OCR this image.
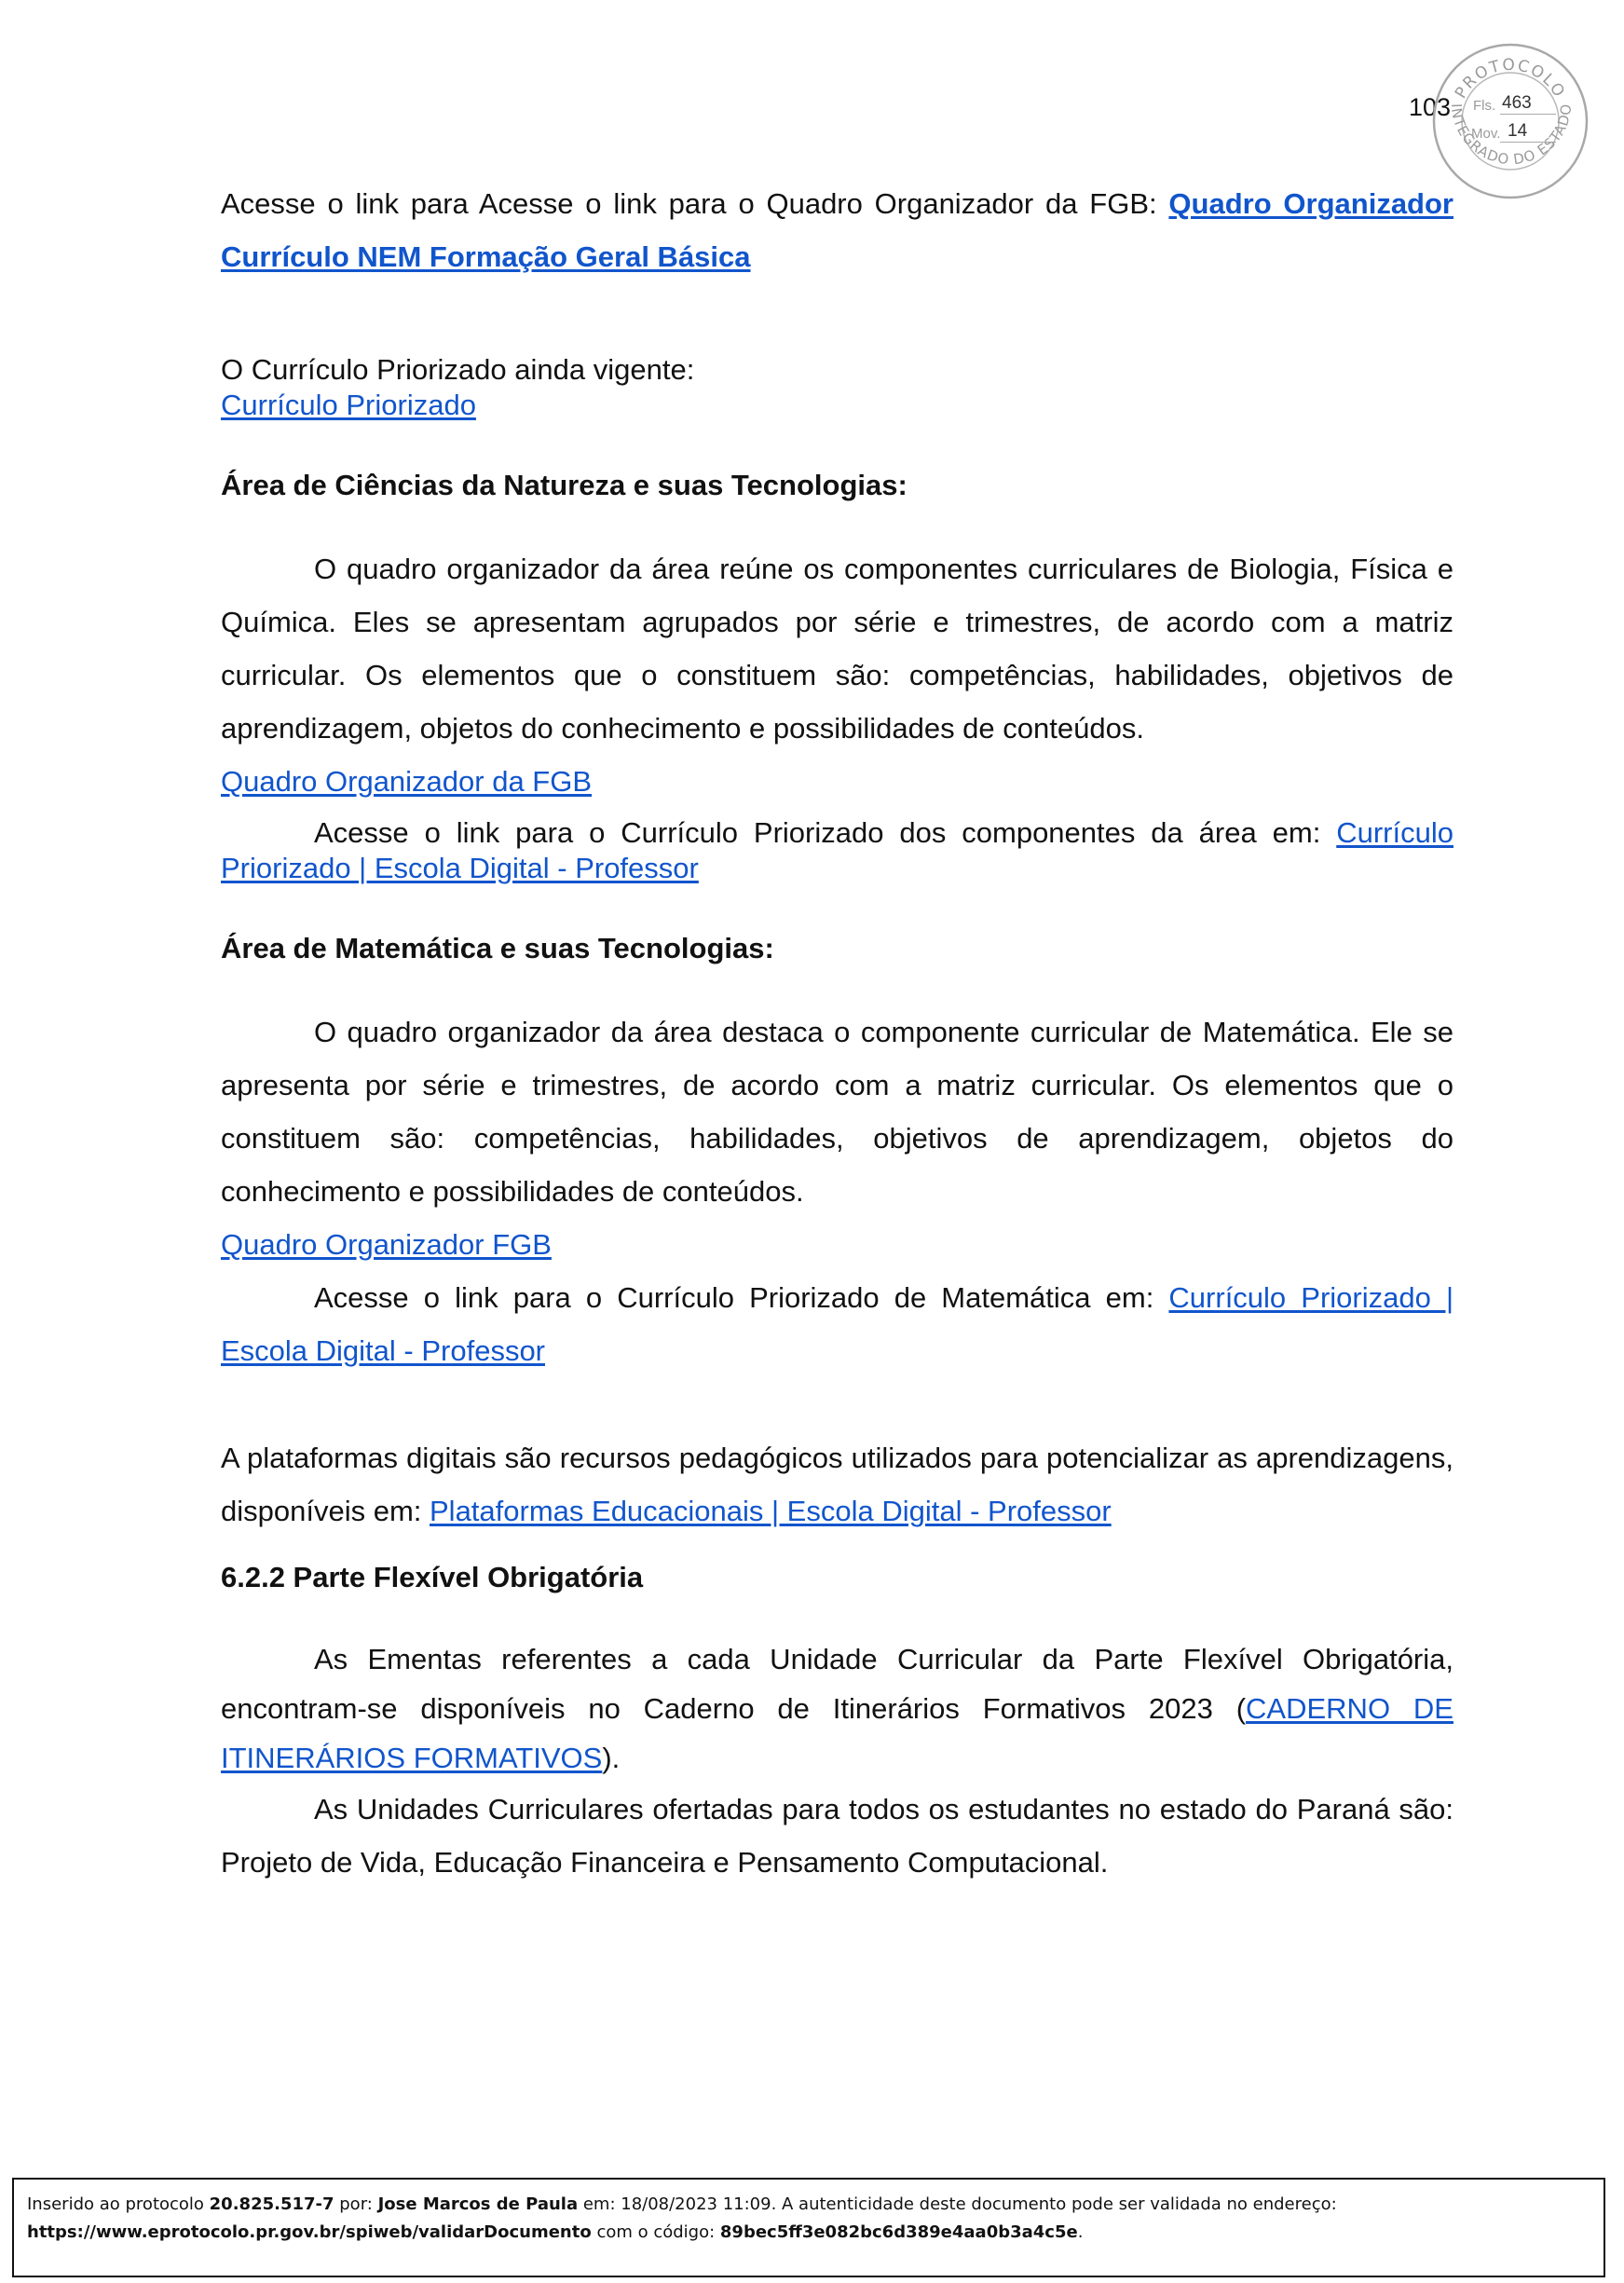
103
PROTOCOLO
INTEGRADO DO ESTADO
Fls. 463
Mov. 14

Acesse o link para Acesse o link para o Quadro Organizador da FGB: Quadro Organizador Currículo NEM Formação Geral Básica

O Currículo Priorizado ainda vigente:

Currículo Priorizado

Área de Ciências da Natureza e suas Tecnologias:

O quadro organizador da área reúne os componentes curriculares de Biologia, Física e Química. Eles se apresentam agrupados por série e trimestres, de acordo com a matriz curricular. Os elementos que o constituem são: competências, habilidades, objetivos de aprendizagem, objetos do conhecimento e possibilidades de conteúdos.

Quadro Organizador da FGB

Acesse o link para o Currículo Priorizado dos componentes da área em: Currículo Priorizado | Escola Digital - Professor

Área de Matemática e suas Tecnologias:

O quadro organizador da área destaca o componente curricular de Matemática. Ele se apresenta por série e trimestres, de acordo com a matriz curricular. Os elementos que o constituem são: competências, habilidades, objetivos de aprendizagem, objetos do conhecimento e possibilidades de conteúdos.

Quadro Organizador FGB

Acesse o link para o Currículo Priorizado de Matemática em: Currículo Priorizado | Escola Digital - Professor

A plataformas digitais são recursos pedagógicos utilizados para potencializar as aprendizagens, disponíveis em: Plataformas Educacionais | Escola Digital - Professor

6.2.2 Parte Flexível Obrigatória

As Ementas referentes a cada Unidade Curricular da Parte Flexível Obrigatória, encontram-se disponíveis no Caderno de Itinerários Formativos 2023 (CADERNO DE ITINERÁRIOS FORMATIVOS).

As Unidades Curriculares ofertadas para todos os estudantes no estado do Paraná são: Projeto de Vida, Educação Financeira e Pensamento Computacional.

Inserido ao protocolo 20.825.517-7 por: Jose Marcos de Paula em: 18/08/2023 11:09. A autenticidade deste documento pode ser validada no endereço:
https://www.eprotocolo.pr.gov.br/spiweb/validarDocumento com o código: 89bec5ff3e082bc6d389e4aa0b3a4c5e.
